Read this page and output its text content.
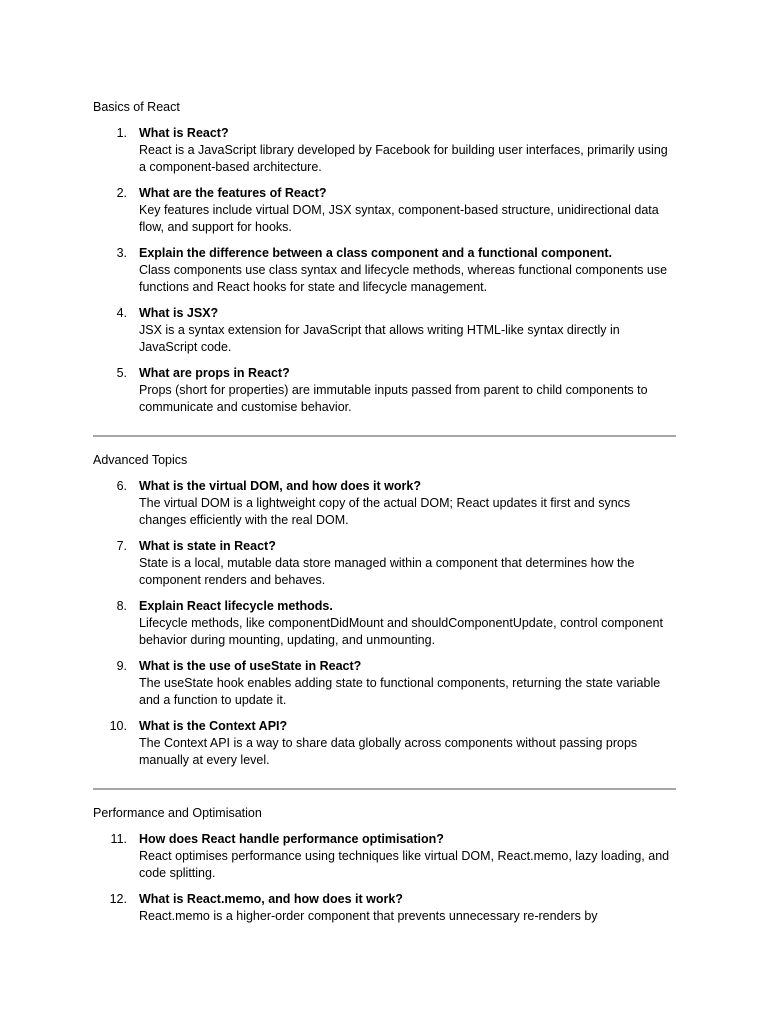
Basics of React
1. What is React?
React is a JavaScript library developed by Facebook for building user interfaces, primarily using a component-based architecture.
2. What are the features of React?
Key features include virtual DOM, JSX syntax, component-based structure, unidirectional data flow, and support for hooks.
3. Explain the difference between a class component and a functional component.
Class components use class syntax and lifecycle methods, whereas functional components use functions and React hooks for state and lifecycle management.
4. What is JSX?
JSX is a syntax extension for JavaScript that allows writing HTML-like syntax directly in JavaScript code.
5. What are props in React?
Props (short for properties) are immutable inputs passed from parent to child components to communicate and customise behavior.
Advanced Topics
6. What is the virtual DOM, and how does it work?
The virtual DOM is a lightweight copy of the actual DOM; React updates it first and syncs changes efficiently with the real DOM.
7. What is state in React?
State is a local, mutable data store managed within a component that determines how the component renders and behaves.
8. Explain React lifecycle methods.
Lifecycle methods, like componentDidMount and shouldComponentUpdate, control component behavior during mounting, updating, and unmounting.
9. What is the use of useState in React?
The useState hook enables adding state to functional components, returning the state variable and a function to update it.
10. What is the Context API?
The Context API is a way to share data globally across components without passing props manually at every level.
Performance and Optimisation
11. How does React handle performance optimisation?
React optimises performance using techniques like virtual DOM, React.memo, lazy loading, and code splitting.
12. What is React.memo, and how does it work?
React.memo is a higher-order component that prevents unnecessary re-renders by
